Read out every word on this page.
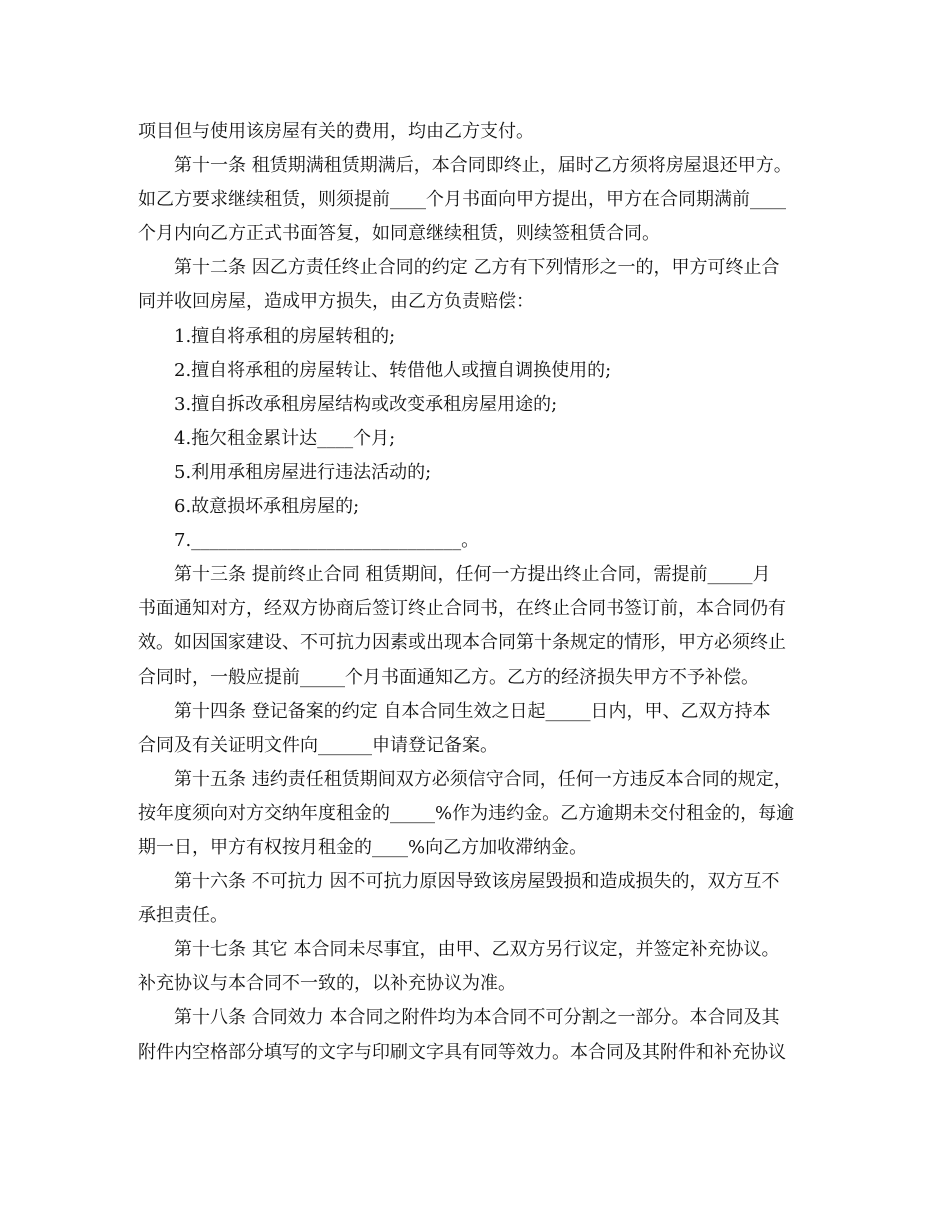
项目但与使用该房屋有关的费用，均由乙方支付。
第十一条 租赁期满租赁期满后，本合同即终止，届时乙方须将房屋退还甲方。
如乙方要求继续租赁，则须提前____个月书面向甲方提出，甲方在合同期满前____
个月内向乙方正式书面答复，如同意继续租赁，则续签租赁合同。
第十二条 因乙方责任终止合同的约定 乙方有下列情形之一的，甲方可终止合
同并收回房屋，造成甲方损失，由乙方负责赔偿：
1.擅自将承租的房屋转租的;
2.擅自将承租的房屋转让、转借他人或擅自调换使用的;
3.擅自拆改承租房屋结构或改变承租房屋用途的;
4.拖欠租金累计达____个月;
5.利用承租房屋进行违法活动的;
6.故意损坏承租房屋的;
7.______________________________。
第十三条 提前终止合同 租赁期间，任何一方提出终止合同，需提前_____月
书面通知对方，经双方协商后签订终止合同书，在终止合同书签订前，本合同仍有
效。如因国家建设、不可抗力因素或出现本合同第十条规定的情形，甲方必须终止
合同时，一般应提前_____个月书面通知乙方。乙方的经济损失甲方不予补偿。
第十四条 登记备案的约定 自本合同生效之日起_____日内，甲、乙双方持本
合同及有关证明文件向______申请登记备案。
第十五条 违约责任租赁期间双方必须信守合同，任何一方违反本合同的规定，
按年度须向对方交纳年度租金的_____%作为违约金。乙方逾期未交付租金的，每逾
期一日，甲方有权按月租金的____%向乙方加收滞纳金。
第十六条 不可抗力 因不可抗力原因导致该房屋毁损和造成损失的，双方互不
承担责任。
第十七条 其它 本合同未尽事宜，由甲、乙双方另行议定，并签定补充协议。
补充协议与本合同不一致的，以补充协议为准。
第十八条 合同效力 本合同之附件均为本合同不可分割之一部分。本合同及其
附件内空格部分填写的文字与印刷文字具有同等效力。本合同及其附件和补充协议
